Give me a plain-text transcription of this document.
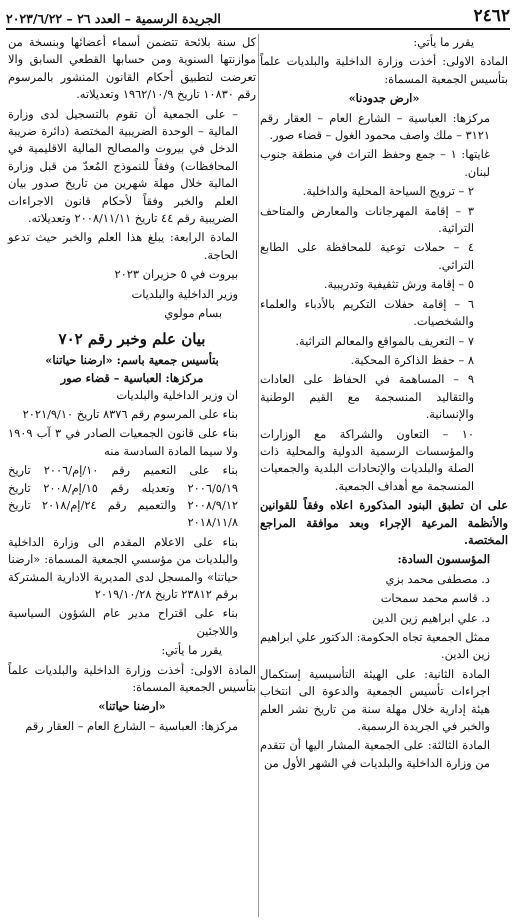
٢٤٦٢
الجريدة الرسمية – العدد ٢٦ – ٢٠٢٣/٦/٢٢

يقرر ما يأتي:

المادة الاولى: أخذت وزارة الداخلية والبلديات علماً بتأسيس الجمعية المسماة:

«ارض جدودنا»

مركزها: العباسية – الشارع العام – العقار رقم ٣١٢١ – ملك واصف محمود الغول – قضاء صور.

غايتها: ١ – جمع وحفظ التراث في منطقة جنوب لبنان.

٢ – ترويج السياحة المحلية والداخلية.

٣ – إقامة المهرجانات والمعارض والمتاحف التراثية.

٤ – حملات توعية للمحافظة على الطابع التراثي.

٥ – إقامة ورش تثقيفية وتدريبية.

٦ – إقامة حفلات التكريم بالأدباء والعلماء والشخصيات.

٧ – التعريف بالمواقع والمعالم التراثية.

٨ – حفظ الذاكرة المحكية.

٩ – المساهمة في الحفاظ على العادات والتقاليد المنسجمة مع القيم الوطنية والإنسانية.

١٠ – التعاون والشراكة مع الوزارات والمؤسسات الرسمية الدولية والمحلية ذات الصلة والبلديات والإتحادات البلدية والجمعيات المنسجمة مع أهداف الجمعية.

على ان تطبق البنود المذكورة اعلاه وفقاً للقوانين والأنظمة المرعية الإجراء وبعد موافقة المراجع المختصة.

المؤسسون السادة:

د. مصطفى محمد بزي

د. قاسم محمد سمحات

د. علي ابراهيم زين الدين

ممثل الجمعية تجاه الحكومة: الدكتور علي ابراهيم زين الدين.

المادة الثانية: على الهيئة التأسيسية إستكمال اجراءات تأسيس الجمعية والدعوة الى انتخاب هيئة إدارية خلال مهلة سنة من تاريخ نشر العلم والخبر في الجريدة الرسمية.

المادة الثالثة: على الجمعية المشار اليها أن تتقدم من وزارة الداخلية والبلديات في الشهر الأول من

كل سنة بلائحة تتضمن أسماء أعضائها وبنسخة من موازنتها السنوية ومن حسابها القطعي السابق والا تعرضت لتطبيق أحكام القانون المنشور بالمرسوم رقم ١٠٨٣٠ تاريخ ١٩٦٢/١٠/٩ وتعديلاته.

– على الجمعية أن تقوم بالتسجيل لدى وزارة المالية – الوحدة الضريبية المختصة (دائرة ضريبة الدخل في بيروت والمصالح المالية الاقليمية في المحافظات) وفقاً للنموذج المُعدّ من قبل وزارة المالية خلال مهلة شهرين من تاريخ صدور بيان العلم والخبر وفقاً لأحكام قانون الاجراءات الضريبية رقم ٤٤ تاريخ ٢٠٠٨/١١/١١ وتعديلاته.

المادة الرابعة: يبلغ هذا العلم والخبر حيث تدعو الحاجة.

بيروت في ٥ حزيران ٢٠٢٣

وزير الداخلية والبلديات

بسام مولوي

بيان علم وخبر رقم ٧٠٢
بتأسيس جمعية باسم: «ارضنا حياتنا»
مركزها: العباسية – قضاء صور

ان وزير الداخلية والبلديات

بناء على المرسوم رقم ٨٣٧٦ تاريخ ٢٠٢١/٩/١٠

بناء على قانون الجمعيات الصادر في ٣ آب ١٩٠٩ ولا سيما المادة السادسة منه

بناء على التعميم رقم ١٠/إم/٢٠٠٦ تاريخ ٢٠٠٦/٥/١٩ وتعديله رقم ١٥/إم/٢٠٠٨ تاريخ ٢٠٠٨/٩/١٢ والتعميم رقم ٢٤/إم/٢٠١٨ تاريخ ٢٠١٨/١١/٨

بناء على الاعلام المقدم الى وزارة الداخلية والبلديات من مؤسسي الجمعية المسماة: «ارضنا حياتنا» والمسجل لدى المديرية الادارية المشتركة برقم ٢٣٨١٢ تاريخ ٢٠١٩/١٠/٢٨

بناء على اقتراح مدير عام الشؤون السياسية واللاجئين

يقرر ما يأتي:

المادة الاولى: أخذت وزارة الداخلية والبلديات علماً بتأسيس الجمعية المسماة:

«ارضنا حياتنا»

مركزها: العباسية – الشارع العام – العقار رقم
